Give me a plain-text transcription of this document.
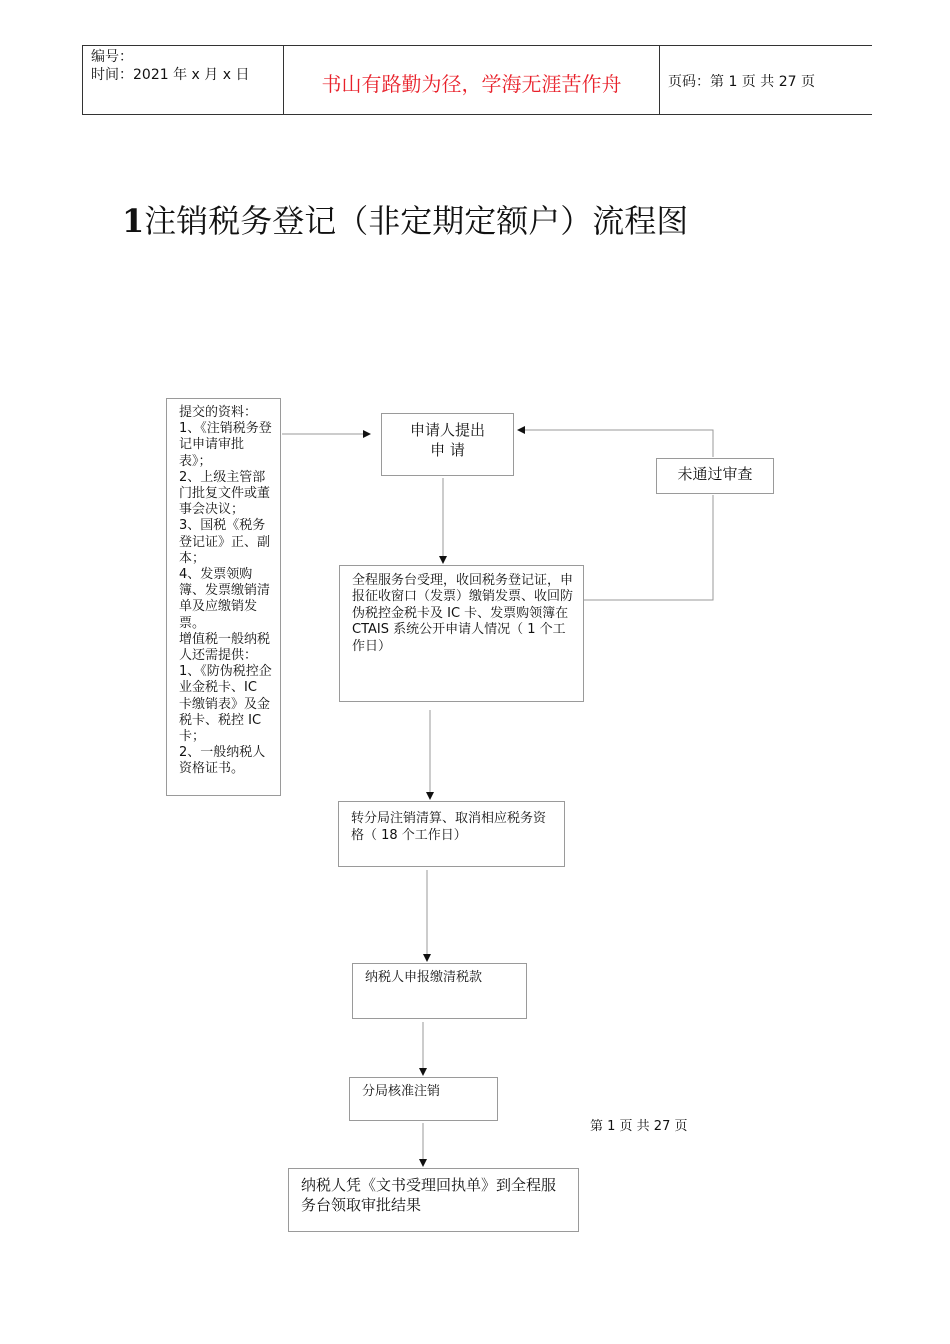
编号：
时间：2021 年 x 月 x 日	书山有路勤为径，学海无涯苦作舟	页码：第 1 页 共 27 页
1注销税务登记（非定期定额户）流程图
提交的资料：
1、《注销税务登记申请审批表》；
2、上级主管部门批复文件或董事会决议；
3、国税《税务登记证》正、副本；
4、发票领购簿、发票缴销清单及应缴销发票。
增值税一般纳税人还需提供：
1、《防伪税控企业金税卡、IC 卡缴销表》及金税卡、税控 IC 卡；
2、一般纳税人资格证书。
申请人提出
申 请
未通过审查
全程服务台受理，收回税务登记证，申报征收窗口（发票）缴销发票、收回防伪税控金税卡及 IC 卡、发票购领簿在 CTAIS 系统公开申请人情况（ 1 个工作日）
转分局注销清算、取消相应税务资格（ 18 个工作日）
纳税人申报缴清税款
分局核准注销
纳税人凭《文书受理回执单》到全程服务台领取审批结果
第 1 页 共 27 页
